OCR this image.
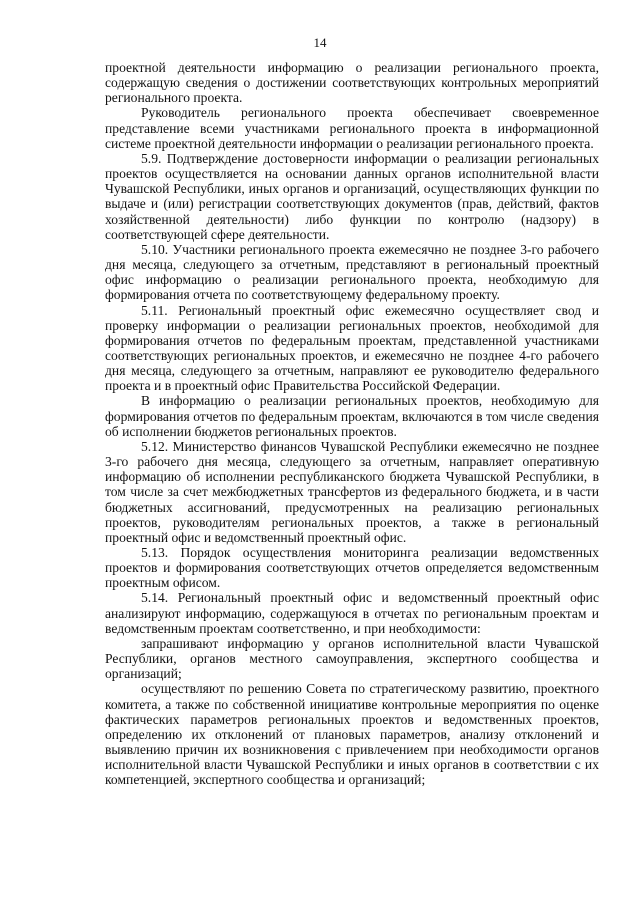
14

проектной деятельности информацию о реализации регионального проекта, содержащую сведения о достижении соответствующих контрольных мероприятий регионального проекта.

Руководитель регионального проекта обеспечивает своевременное представление всеми участниками регионального проекта в информационной системе проектной деятельности информации о реализации регионального проекта.

5.9. Подтверждение достоверности информации о реализации региональных проектов осуществляется на основании данных органов исполнительной власти Чувашской Республики, иных органов и организаций, осуществляющих функции по выдаче и (или) регистрации соответствующих документов (прав, действий, фактов хозяйственной деятельности) либо функции по контролю (надзору) в соответствующей сфере деятельности.

5.10. Участники регионального проекта ежемесячно не позднее 3-го рабочего дня месяца, следующего за отчетным, представляют в региональный проектный офис информацию о реализации регионального проекта, необходимую для формирования отчета по соответствующему федеральному проекту.

5.11. Региональный проектный офис ежемесячно осуществляет свод и проверку информации о реализации региональных проектов, необходимой для формирования отчетов по федеральным проектам, представленной участниками соответствующих региональных проектов, и ежемесячно не позднее 4-го рабочего дня месяца, следующего за отчетным, направляют ее руководителю федерального проекта и в проектный офис Правительства Российской Федерации.

В информацию о реализации региональных проектов, необходимую для формирования отчетов по федеральным проектам, включаются в том числе сведения об исполнении бюджетов региональных проектов.

5.12. Министерство финансов Чувашской Республики ежемесячно не позднее 3-го рабочего дня месяца, следующего за отчетным, направляет оперативную информацию об исполнении республиканского бюджета Чувашской Республики, в том числе за счет межбюджетных трансфертов из федерального бюджета, и в части бюджетных ассигнований, предусмотренных на реализацию региональных проектов, руководителям региональных проектов, а также в региональный проектный офис и ведомственный проектный офис.

5.13. Порядок осуществления мониторинга реализации ведомственных проектов и формирования соответствующих отчетов определяется ведомственным проектным офисом.

5.14. Региональный проектный офис и ведомственный проектный офис анализируют информацию, содержащуюся в отчетах по региональным проектам и ведомственным проектам соответственно, и при необходимости:

запрашивают информацию у органов исполнительной власти Чувашской Республики, органов местного самоуправления, экспертного сообщества и организаций;

осуществляют по решению Совета по стратегическому развитию, проектного комитета, а также по собственной инициативе контрольные мероприятия по оценке фактических параметров региональных проектов и ведомственных проектов, определению их отклонений от плановых параметров, анализу отклонений и выявлению причин их возникновения с привлечением при необходимости органов исполнительной власти Чувашской Республики и иных органов в соответствии с их компетенцией, экспертного сообщества и организаций;
